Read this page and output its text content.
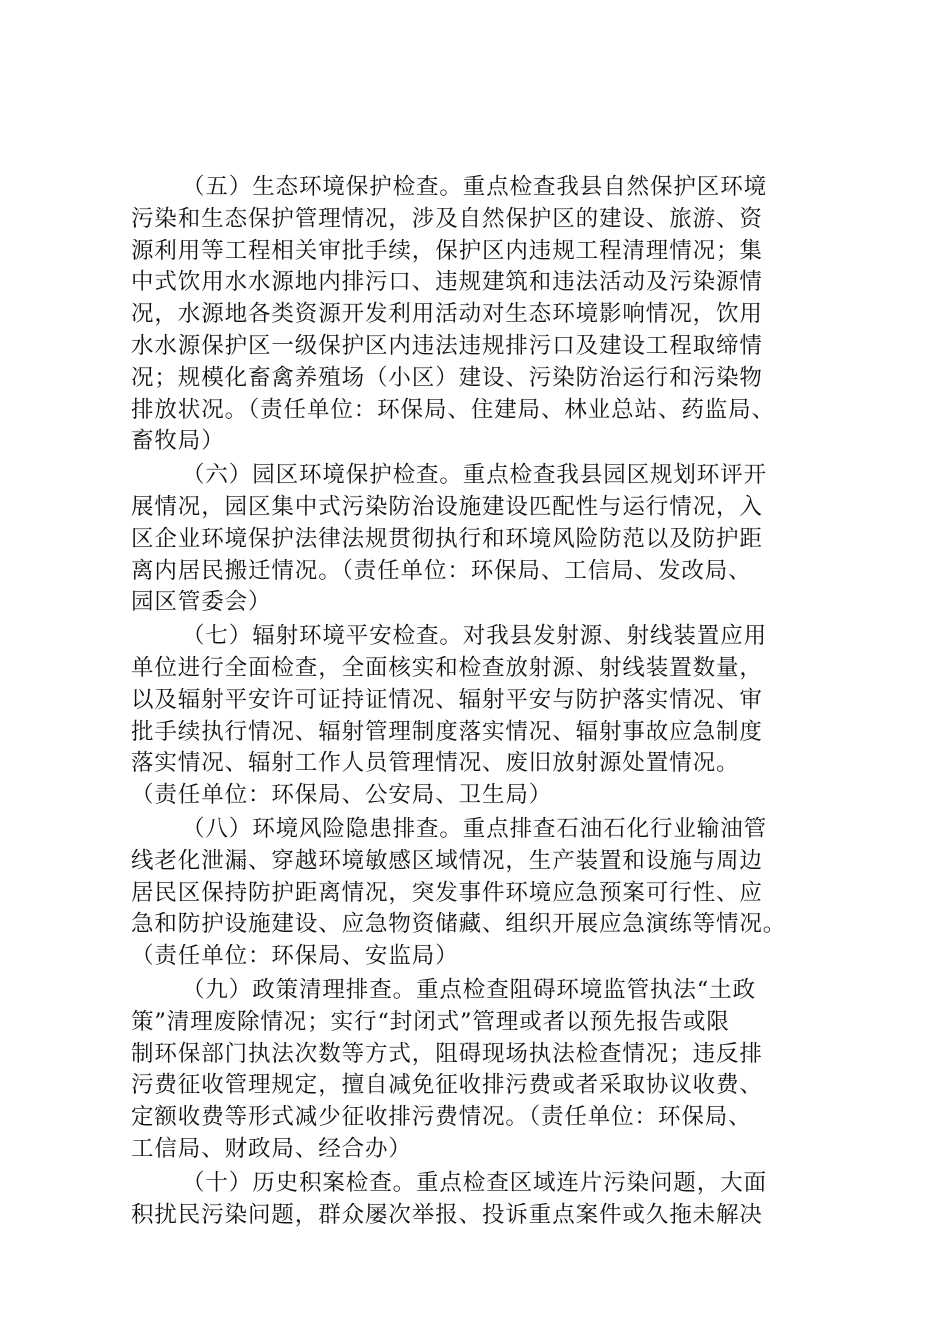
（五）生态环境保护检查。重点检查我县自然保护区环境
污染和生态保护管理情况，涉及自然保护区的建设、旅游、资
源利用等工程相关审批手续，保护区内违规工程清理情况；集
中式饮用水水源地内排污口、违规建筑和违法活动及污染源情
况，水源地各类资源开发利用活动对生态环境影响情况，饮用
水水源保护区一级保护区内违法违规排污口及建设工程取缔情
况；规模化畜禽养殖场（小区）建设、污染防治运行和污染物
排放状况。（责任单位：环保局、住建局、林业总站、药监局、
畜牧局）
（六）园区环境保护检查。重点检查我县园区规划环评开
展情况，园区集中式污染防治设施建设匹配性与运行情况，入
区企业环境保护法律法规贯彻执行和环境风险防范以及防护距
离内居民搬迁情况。（责任单位：环保局、工信局、发改局、
园区管委会）
（七）辐射环境平安检查。对我县发射源、射线装置应用
单位进行全面检查，全面核实和检查放射源、射线装置数量，
以及辐射平安许可证持证情况、辐射平安与防护落实情况、审
批手续执行情况、辐射管理制度落实情况、辐射事故应急制度
落实情况、辐射工作人员管理情况、废旧放射源处置情况。
（责任单位：环保局、公安局、卫生局）
（八）环境风险隐患排查。重点排查石油石化行业输油管
线老化泄漏、穿越环境敏感区域情况，生产装置和设施与周边
居民区保持防护距离情况，突发事件环境应急预案可行性、应
急和防护设施建设、应急物资储藏、组织开展应急演练等情况。
（责任单位：环保局、安监局）
（九）政策清理排查。重点检查阻碍环境监管执法“土政
策”清理废除情况；实行“封闭式”管理或者以预先报告或限
制环保部门执法次数等方式，阻碍现场执法检查情况；违反排
污费征收管理规定，擅自减免征收排污费或者采取协议收费、
定额收费等形式减少征收排污费情况。（责任单位：环保局、
工信局、财政局、经合办）
（十）历史积案检查。重点检查区域连片污染问题，大面
积扰民污染问题，群众屡次举报、投诉重点案件或久拖未解决
